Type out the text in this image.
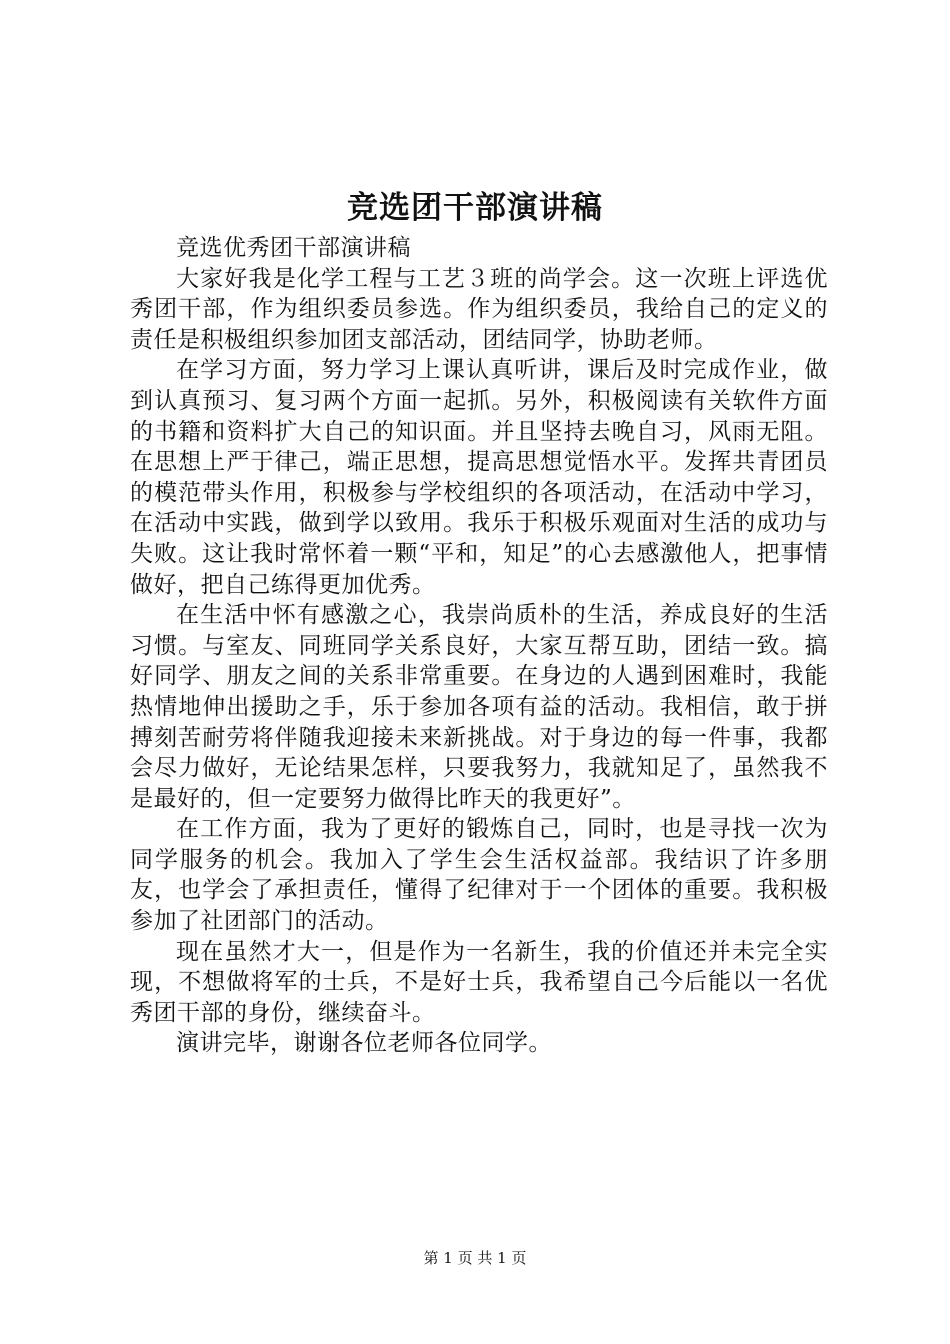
竞选团干部演讲稿

竞选优秀团干部演讲稿

大家好我是化学工程与工艺３班的尚学会。这一次班上评选优秀团干部，作为组织委员参选。作为组织委员，我给自己的定义的责任是积极组织参加团支部活动，团结同学，协助老师。

在学习方面，努力学习上课认真听讲，课后及时完成作业，做到认真预习、复习两个方面一起抓。另外，积极阅读有关软件方面的书籍和资料扩大自己的知识面。并且坚持去晚自习，风雨无阻。在思想上严于律己，端正思想，提高思想觉悟水平。发挥共青团员的模范带头作用，积极参与学校组织的各项活动，在活动中学习，在活动中实践，做到学以致用。我乐于积极乐观面对生活的成功与失败。这让我时常怀着一颗“平和，知足”的心去感激他人，把事情做好，把自己练得更加优秀。

在生活中怀有感激之心，我崇尚质朴的生活，养成良好的生活习惯。与室友、同班同学关系良好，大家互帮互助，团结一致。搞好同学、朋友之间的关系非常重要。在身边的人遇到困难时，我能热情地伸出援助之手，乐于参加各项有益的活动。我相信，敢于拼搏刻苦耐劳将伴随我迎接未来新挑战。对于身边的每一件事，我都会尽力做好，无论结果怎样，只要我努力，我就知足了，虽然我不是最好的，但一定要努力做得比昨天的我更好”。

在工作方面，我为了更好的锻炼自己，同时，也是寻找一次为同学服务的机会。我加入了学生会生活权益部。我结识了许多朋友，也学会了承担责任，懂得了纪律对于一个团体的重要。我积极参加了社团部门的活动。

现在虽然才大一，但是作为一名新生，我的价值还并未完全实现，不想做将军的士兵，不是好士兵，我希望自己今后能以一名优秀团干部的身份，继续奋斗。

演讲完毕，谢谢各位老师各位同学。

第 1 页 共 1 页
